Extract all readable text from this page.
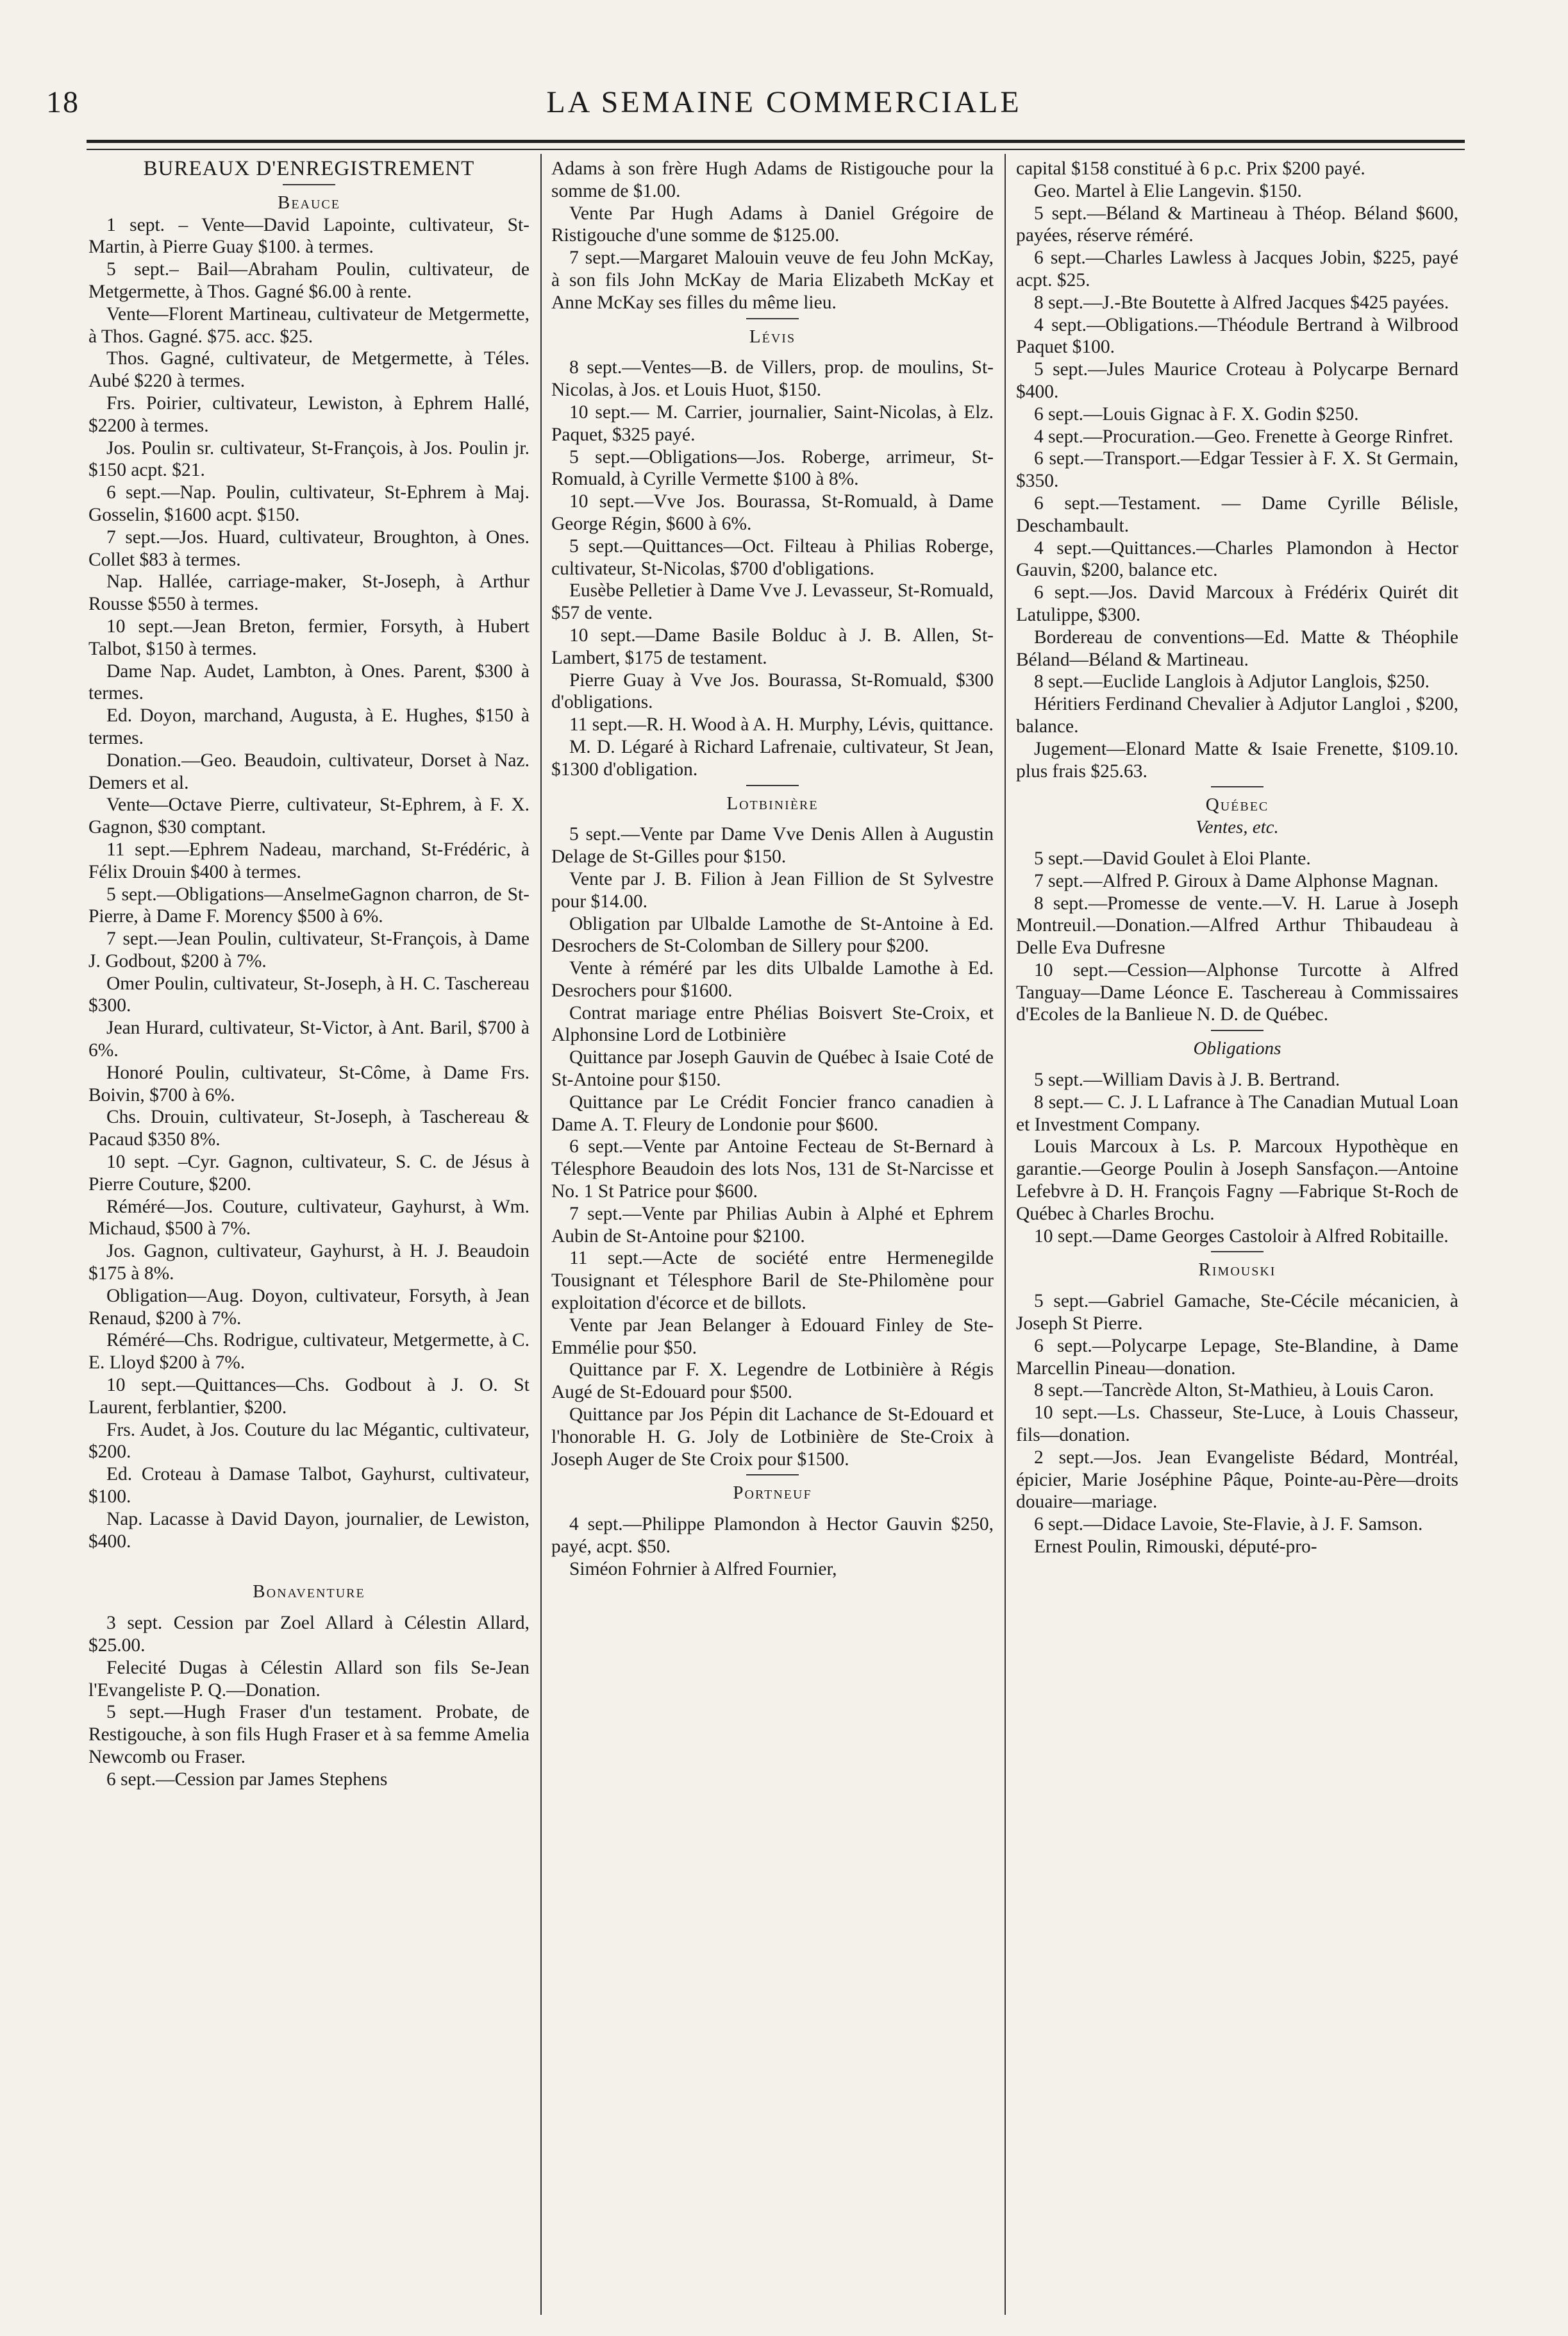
18	LA SEMAINE COMMERCIALE
BUREAUX D'ENREGISTREMENT
Beauce

1 sept. – Vente—David Lapointe, cultivateur, St-Martin, à Pierre Guay $100. à termes.

5 sept.– Bail—Abraham Poulin, cultivateur, de Metgermette, à Thos. Gagné $6.00 à rente.

Vente—Florent Martineau, cultivateur de Metgermette, à Thos. Gagné. $75. acc. $25.

Thos. Gagné, cultivateur, de Metgermette, à Téles. Aubé $220 à termes.

Frs. Poirier, cultivateur, Lewiston, à Ephrem Hallé, $2200 à termes.

Jos. Poulin sr. cultivateur, St-François, à Jos. Poulin jr. $150 acpt. $21.

6 sept.—Nap. Poulin, cultivateur, St-Ephrem à Maj. Gosselin, $1600 acpt. $150.

7 sept.—Jos. Huard, cultivateur, Broughton, à Ones. Collet $83 à termes.

Nap. Hallée, carriage-maker, St-Joseph, à Arthur Rousse $550 à termes.

10 sept.—Jean Breton, fermier, Forsyth, à Hubert Talbot, $150 à termes.

Dame Nap. Audet, Lambton, à Ones. Parent, $300 à termes.

Ed. Doyon, marchand, Augusta, à E. Hughes, $150 à termes.

Donation.—Geo. Beaudoin, cultivateur, Dorset à Naz. Demers et al.

Vente—Octave Pierre, cultivateur, St-Ephrem, à F. X. Gagnon, $30 comptant.

11 sept.—Ephrem Nadeau, marchand, St-Frédéric, à Félix Drouin $400 à termes.

5 sept.—Obligations—AnselmeGagnon charron, de St-Pierre, à Dame F. Morency $500 à 6%.

7 sept.—Jean Poulin, cultivateur, St-François, à Dame J. Godbout, $200 à 7%.

Omer Poulin, cultivateur, St-Joseph, à H. C. Taschereau $300.

Jean Hurard, cultivateur, St-Victor, à Ant. Baril, $700 à 6%.

Honoré Poulin, cultivateur, St-Côme, à Dame Frs. Boivin, $700 à 6%.

Chs. Drouin, cultivateur, St-Joseph, à Taschereau & Pacaud $350 8%.

10 sept. –Cyr. Gagnon, cultivateur, S. C. de Jésus à Pierre Couture, $200.

Réméré—Jos. Couture, cultivateur, Gayhurst, à Wm. Michaud, $500 à 7%.

Jos. Gagnon, cultivateur, Gayhurst, à H. J. Beaudoin $175 à 8%.

Obligation—Aug. Doyon, cultivateur, Forsyth, à Jean Renaud, $200 à 7%.

Réméré—Chs. Rodrigue, cultivateur, Metgermette, à C. E. Lloyd $200 à 7%.

10 sept.—Quittances—Chs. Godbout à J. O. St Laurent, ferblantier, $200.

Frs. Audet, à Jos. Couture du lac Mégantic, cultivateur, $200.

Ed. Croteau à Damase Talbot, Gayhurst, cultivateur, $100.

Nap. Lacasse à David Dayon, journalier, de Lewiston, $400.

Bonaventure

3 sept. Cession par Zoel Allard à Célestin Allard, $25.00.

Felecité Dugas à Célestin Allard son fils Se-Jean l'Evangeliste P. Q.—Donation.

5 sept.—Hugh Fraser d'un testament. Probate, de Restigouche, à son fils Hugh Fraser et à sa femme Amelia Newcomb ou Fraser.

6 sept.—Cession par James Stephens

Adams à son frère Hugh Adams de Ristigouche pour la somme de $1.00.

Vente Par Hugh Adams à Daniel Grégoire de Ristigouche d'une somme de $125.00.

7 sept.—Margaret Malouin veuve de feu John McKay, à son fils John McKay de Maria Elizabeth McKay et Anne McKay ses filles du même lieu.

Lévis

8 sept.—Ventes—B. de Villers, prop. de moulins, St-Nicolas, à Jos. et Louis Huot, $150.

10 sept.— M. Carrier, journalier, Saint-Nicolas, à Elz. Paquet, $325 payé.

5 sept.—Obligations—Jos. Roberge, arrimeur, St-Romuald, à Cyrille Vermette $100 à 8%.

10 sept.—Vve Jos. Bourassa, St-Romuald, à Dame George Régin, $600 à 6%.

5 sept.—Quittances—Oct. Filteau à Philias Roberge, cultivateur, St-Nicolas, $700 d'obligations.

Eusèbe Pelletier à Dame Vve J. Levasseur, St-Romuald, $57 de vente.

10 sept.—Dame Basile Bolduc à J. B. Allen, St-Lambert, $175 de testament.

Pierre Guay à Vve Jos. Bourassa, St-Romuald, $300 d'obligations.

11 sept.—R. H. Wood à A. H. Murphy, Lévis, quittance.

M. D. Légaré à Richard Lafrenaie, cultivateur, St Jean, $1300 d'obligation.

Lotbinière

5 sept.—Vente par Dame Vve Denis Allen à Augustin Delage de St-Gilles pour $150.

Vente par J. B. Filion à Jean Fillion de St Sylvestre pour $14.00.

Obligation par Ulbalde Lamothe de St-Antoine à Ed. Desrochers de St-Colomban de Sillery pour $200.

Vente à réméré par les dits Ulbalde Lamothe à Ed. Desrochers pour $1600.

Contrat mariage entre Phélias Boisvert Ste-Croix, et Alphonsine Lord de Lotbinière

Quittance par Joseph Gauvin de Québec à Isaie Coté de St-Antoine pour $150.

Quittance par Le Crédit Foncier franco canadien à Dame A. T. Fleury de Londonie pour $600.

6 sept.—Vente par Antoine Fecteau de St-Bernard à Télesphore Beaudoin des lots Nos, 131 de St-Narcisse et No. 1 St Patrice pour $600.

7 sept.—Vente par Philias Aubin à Alphé et Ephrem Aubin de St-Antoine pour $2100.

11 sept.—Acte de société entre Hermenegilde Tousignant et Télesphore Baril de Ste-Philomène pour exploitation d'écorce et de billots.

Vente par Jean Belanger à Edouard Finley de Ste-Emmélie pour $50.

Quittance par F. X. Legendre de Lotbinière à Régis Augé de St-Edouard pour $500.

Quittance par Jos Pépin dit Lachance de St-Edouard et l'honorable H. G. Joly de Lotbinière de Ste-Croix à Joseph Auger de Ste Croix pour $1500.

Portneuf

4 sept.—Philippe Plamondon à Hector Gauvin $250, payé, acpt. $50.

Siméon Fohrnier à Alfred Fournier,

capital $158 constitué à 6 p.c. Prix $200 payé.

Geo. Martel à Elie Langevin. $150.

5 sept.—Béland & Martineau à Théop. Béland $600, payées, réserve réméré.

6 sept.—Charles Lawless à Jacques Jobin, $225, payé acpt. $25.

8 sept.—J.-Bte Boutette à Alfred Jacques $425 payées.

4 sept.—Obligations.—Théodule Bertrand à Wilbrood Paquet $100.

5 sept.—Jules Maurice Croteau à Polycarpe Bernard $400.

6 sept.—Louis Gignac à F. X. Godin $250.

4 sept.—Procuration.—Geo. Frenette à George Rinfret.

6 sept.—Transport.—Edgar Tessier à F. X. St Germain, $350.

6 sept.—Testament. — Dame Cyrille Bélisle, Deschambault.

4 sept.—Quittances.—Charles Plamondon à Hector Gauvin, $200, balance etc.

6 sept.—Jos. David Marcoux à Frédérix Quirét dit Latulippe, $300.

Bordereau de conventions—Ed. Matte & Théophile Béland—Béland & Martineau.

8 sept.—Euclide Langlois à Adjutor Langlois, $250.

Héritiers Ferdinand Chevalier à Adjutor Langloi , $200, balance.

Jugement—Elonard Matte & Isaie Frenette, $109.10. plus frais $25.63.

Québec
Ventes, etc.

5 sept.—David Goulet à Eloi Plante.

7 sept.—Alfred P. Giroux à Dame Alphonse Magnan.

8 sept.—Promesse de vente.—V. H. Larue à Joseph Montreuil.—Donation.—Alfred Arthur Thibaudeau à Delle Eva Dufresne

10 sept.—Cession—Alphonse Turcotte à Alfred Tanguay—Dame Léonce E. Taschereau à Commissaires d'Ecoles de la Banlieue N. D. de Québec.

Obligations

5 sept.—William Davis à J. B. Bertrand.

8 sept.— C. J. L Lafrance à The Canadian Mutual Loan et Investment Company.

Louis Marcoux à Ls. P. Marcoux Hypothèque en garantie.—George Poulin à Joseph Sansfaçon.—Antoine Lefebvre à D. H. François Fagny —Fabrique St-Roch de Québec à Charles Brochu.

10 sept.—Dame Georges Castoloir à Alfred Robitaille.

Rimouski

5 sept.—Gabriel Gamache, Ste-Cécile mécanicien, à Joseph St Pierre.

6 sept.—Polycarpe Lepage, Ste-Blandine, à Dame Marcellin Pineau—donation.

8 sept.—Tancrède Alton, St-Mathieu, à Louis Caron.

10 sept.—Ls. Chasseur, Ste-Luce, à Louis Chasseur, fils—donation.

2 sept.—Jos. Jean Evangeliste Bédard, Montréal, épicier, Marie Joséphine Pâque, Pointe-au-Père—droits douaire—mariage.

6 sept.—Didace Lavoie, Ste-Flavie, à J. F. Samson.

Ernest Poulin, Rimouski, député-pro-
